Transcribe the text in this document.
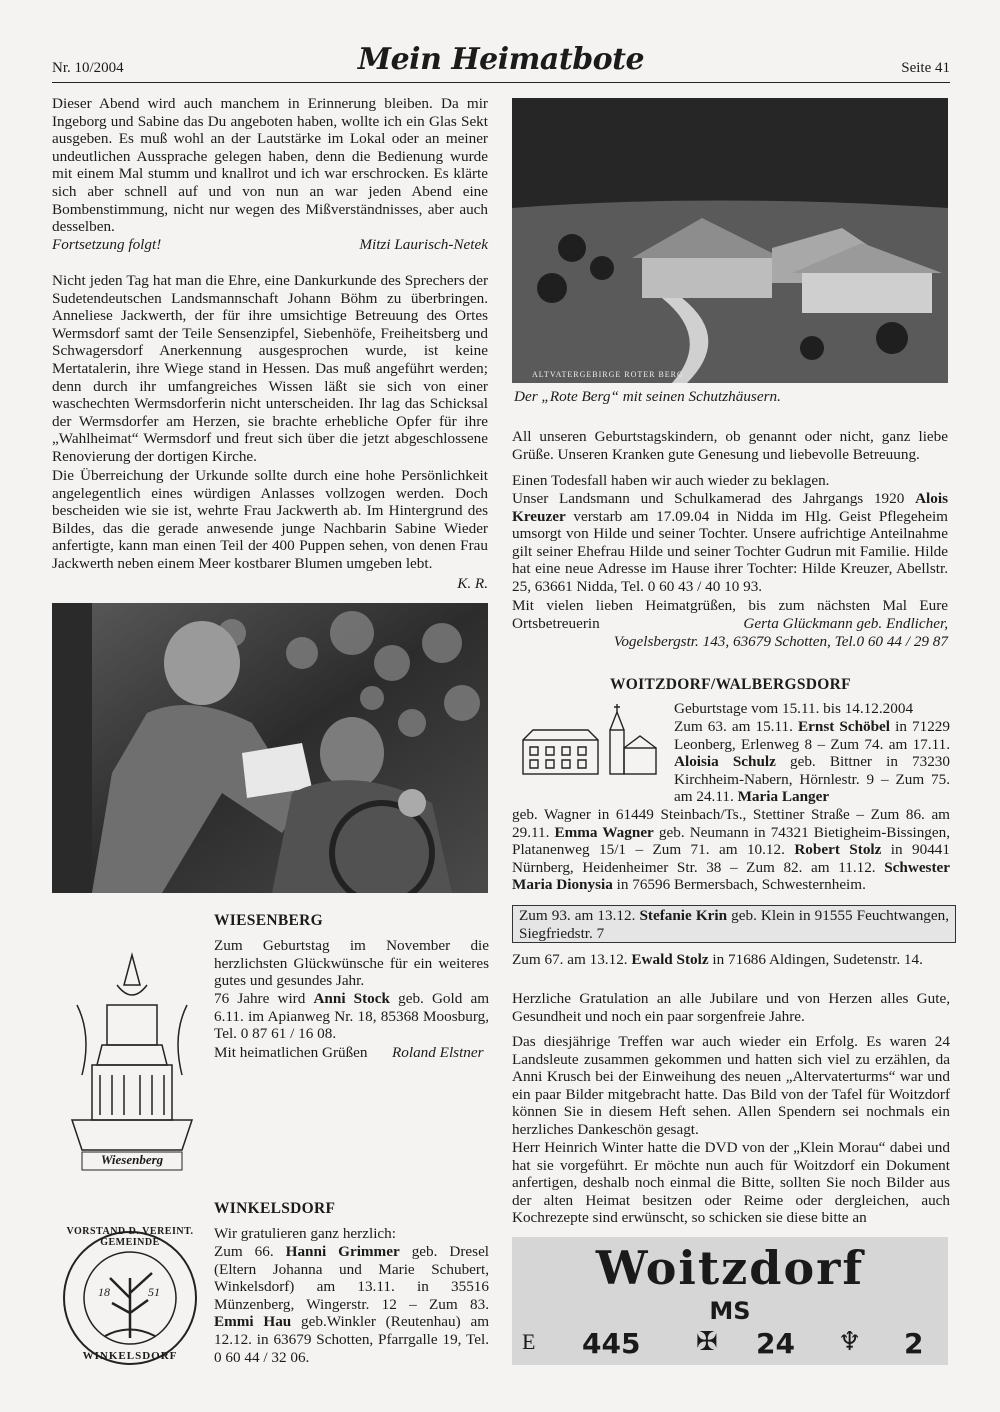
Nr. 10/2004	Mein Heimatbote	Seite 41
Dieser Abend wird auch manchem in Erinnerung bleiben. Da mir Ingeborg und Sabine das Du angeboten haben, wollte ich ein Glas Sekt ausgeben. Es muß wohl an der Lautstärke im Lokal oder an meiner undeutlichen Aussprache gelegen haben, denn die Bedienung wurde mit einem Mal stumm und knallrot und ich war erschrocken. Es klärte sich aber schnell auf und von nun an war jeden Abend eine Bombenstimmung, nicht nur wegen des Mißverständnisses, aber auch desselben.
Fortsetzung folgt!	Mitzi Laurisch-Netek
Nicht jeden Tag hat man die Ehre, eine Dankurkunde des Sprechers der Sudetendeutschen Landsmannschaft Johann Böhm zu überbringen. Anneliese Jackwerth, der für ihre umsichtige Betreuung des Ortes Wermsdorf samt der Teile Sensenzipfel, Siebenhöfe, Freiheitsberg und Schwagersdorf Anerkennung ausgesprochen wurde, ist keine Mertatalerin, ihre Wiege stand in Hessen. Das muß angeführt werden; denn durch ihr umfangreiches Wissen läßt sie sich von einer waschechten Wermsdorferin nicht unterscheiden. Ihr lag das Schicksal der Wermsdorfer am Herzen, sie brachte erhebliche Opfer für ihre „Wahlheimat“ Wermsdorf und freut sich über die jetzt abgeschlossene Renovierung der dortigen Kirche.
Die Überreichung der Urkunde sollte durch eine hohe Persönlichkeit angelegentlich eines würdigen Anlasses vollzogen werden. Doch bescheiden wie sie ist, wehrte Frau Jackwerth ab. Im Hintergrund des Bildes, das die gerade anwesende junge Nachbarin Sabine Wieder anfertigte, kann man einen Teil der 400 Puppen sehen, von denen Frau Jackwerth neben einem Meer kostbarer Blumen umgeben lebt.
K. R.
Wiesenberg
WIESENBERG
Zum Geburtstag im November die herzlichsten Glückwünsche für ein weiteres gutes und gesundes Jahr.
76 Jahre wird Anni Stock geb. Gold am 6.11. im Apianweg Nr. 18, 85368 Moosburg, Tel. 0 87 61 / 16 08.
Mit heimatlichen Grüßen	Roland Elstner
VORSTAND D. VEREINT. GEMEINDE
18	51
WINKELSDORF
WINKELSDORF
Wir gratulieren ganz herzlich:
Zum 66. Hanni Grimmer geb. Dresel (Eltern Johanna und Marie Schubert, Winkelsdorf) am 13.11. in 35516 Münzenberg, Wingerstr. 12 – Zum 83. Emmi Hau geb.Winkler (Reutenhau) am 12.12. in 63679 Schotten, Pfarrgalle 19, Tel. 0 60 44 / 32 06.
ALTVATERGEBIRGE ROTER BERG
Der „Rote Berg“ mit seinen Schutzhäusern.
All unseren Geburtstagskindern, ob genannt oder nicht, ganz liebe Grüße. Unseren Kranken gute Genesung und liebevolle Betreuung.
Einen Todesfall haben wir auch wieder zu beklagen.
Unser Landsmann und Schulkamerad des Jahrgangs 1920 Alois Kreuzer verstarb am 17.09.04 in Nidda im Hlg. Geist Pflegeheim umsorgt von Hilde und seiner Tochter. Unsere aufrichtige Anteilnahme gilt seiner Ehefrau Hilde und seiner Tochter Gudrun mit Familie. Hilde hat eine neue Adresse im Hause ihrer Tochter: Hilde Kreuzer, Abellstr. 25, 63661 Nidda, Tel. 0 60 43 / 40 10 93.
Mit vielen lieben Heimatgrüßen, bis zum nächsten Mal Eure Ortsbetreuerin	Gerta Glückmann geb. Endlicher,
Vogelsbergstr. 143, 63679 Schotten, Tel.0 60 44 / 29 87
WOITZDORF/WALBERGSDORF
Geburtstage vom 15.11. bis 14.12.2004
Zum 63. am 15.11. Ernst Schöbel in 71229 Leonberg, Erlenweg 8 – Zum 74. am 17.11. Aloisia Schulz geb. Bittner in 73230 Kirchheim-Nabern, Hörnlestr. 9 – Zum 75. am 24.11. Maria Langer
geb. Wagner in 61449 Steinbach/Ts., Stettiner Straße – Zum 86. am 29.11. Emma Wagner geb. Neumann in 74321 Bietigheim-Bissingen, Platanenweg 15/1 – Zum 71. am 10.12. Robert Stolz in 90441 Nürnberg, Heidenheimer Str. 38 – Zum 82. am 11.12. Schwester Maria Dionysia in 76596 Bermersbach, Schwesternheim.
Zum 93. am 13.12. Stefanie Krin geb. Klein in 91555 Feuchtwangen, Siegfriedstr. 7
Zum 67. am 13.12. Ewald Stolz in 71686 Aldingen, Sudetenstr. 14.
Herzliche Gratulation an alle Jubilare und von Herzen alles Gute, Gesundheit und noch ein paar sorgenfreie Jahre.
Das diesjährige Treffen war auch wieder ein Erfolg. Es waren 24 Landsleute zusammen gekommen und hatten sich viel zu erzählen, da Anni Krusch bei der Einweihung des neuen „Altervaterturms“ war und ein paar Bilder mitgebracht hatte. Das Bild von der Tafel für Woitzdorf können Sie in diesem Heft sehen. Allen Spendern sei nochmals ein herzliches Dankeschön gesagt.
Herr Heinrich Winter hatte die DVD von der „Klein Morau“ dabei und hat sie vorgeführt. Er möchte nun auch für Woitzdorf ein Dokument anfertigen, deshalb noch einmal die Bitte, sollten Sie noch Bilder aus der alten Heimat besitzen oder Reime oder dergleichen, auch Kochrezepte sind erwünscht, so schicken sie diese bitte an
Woitzdorf
MS
E 445 ✠ 24 ♆ 2
